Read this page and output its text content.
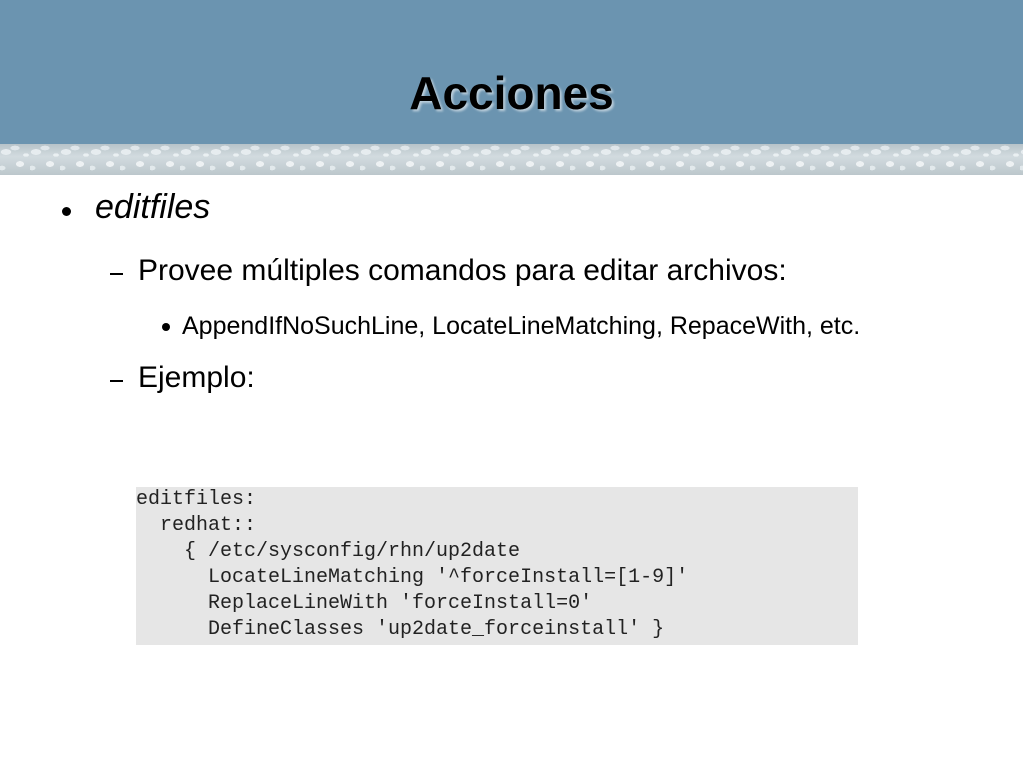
Acciones
editfiles
Provee múltiples comandos para editar archivos:
AppendIfNoSuchLine, LocateLineMatching, RepaceWith, etc.
Ejemplo:
editfiles:
redhat::
{ /etc/sysconfig/rhn/up2date
LocateLineMatching '^forceInstall=[1-9]'
ReplaceLineWith 'forceInstall=0'
DefineClasses 'up2date_forceinstall' }
